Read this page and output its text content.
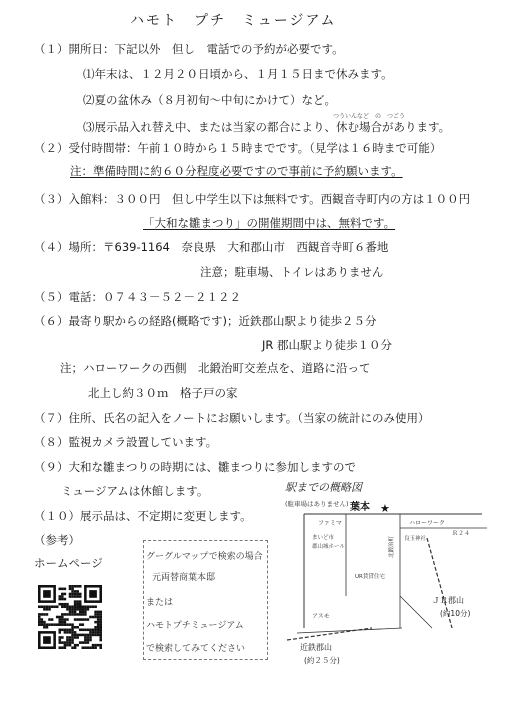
ハモト　プチ　ミュージアム
（１）開所日：下記以外　但し　電話での予約が必要です。
⑴年末は、１２月２０日頃から、１月１５日まで休みます。
⑵夏の盆休み（８月初旬～中旬にかけて）など。
つういんなど　の　つごう
⑶展示品入れ替え中、または当家の都合により、休む場合があります。
（２）受付時間帯：午前１０時から１５時までです。（見学は１６時まで可能）
注：準備時間に約６０分程度必要ですので事前に予約願います。
（３）入館料：３００円　但し中学生以下は無料です。西観音寺町内の方は１００円
「大和な雛まつり」の開催期間中は、無料です。
（４）場所：〒639-1164　奈良県　大和郡山市　西観音寺町６番地
注意；駐車場、トイレはありません
（５）電話：０７４３－５２－２１２２
（６）最寄り駅からの経路(概略です)；近鉄郡山駅より徒歩２５分
JR 郡山駅より徒歩１０分
注；ハローワークの西側　北鍛治町交差点を、道路に沿って
北上し約３０ｍ　格子戸の家
（７）住所、氏名の記入をノートにお願いします。（当家の統計にのみ使用）
（８）監視カメラ設置しています。
（９）大和な雛まつりの時期には、雛まつりに参加しますので
ミュージアムは休館します。
（１０）展示品は、不定期に変更します。
（参考）
ホームページ	グーグルマップで検索の場合
元両替商葉本邸
または
ハモトプチミュージアム
で検索してみてください
駅までの概略図
(駐車場はありません) 葉本 ★
ファミマ	ハローワーク
Ｒ２４
まいど市
郡山城ホール	北鍛治町 良玉神社
UR賃貸住宅
アスモ
ＪＲ郡山
(約10分)
近鉄郡山
(約２５分)
